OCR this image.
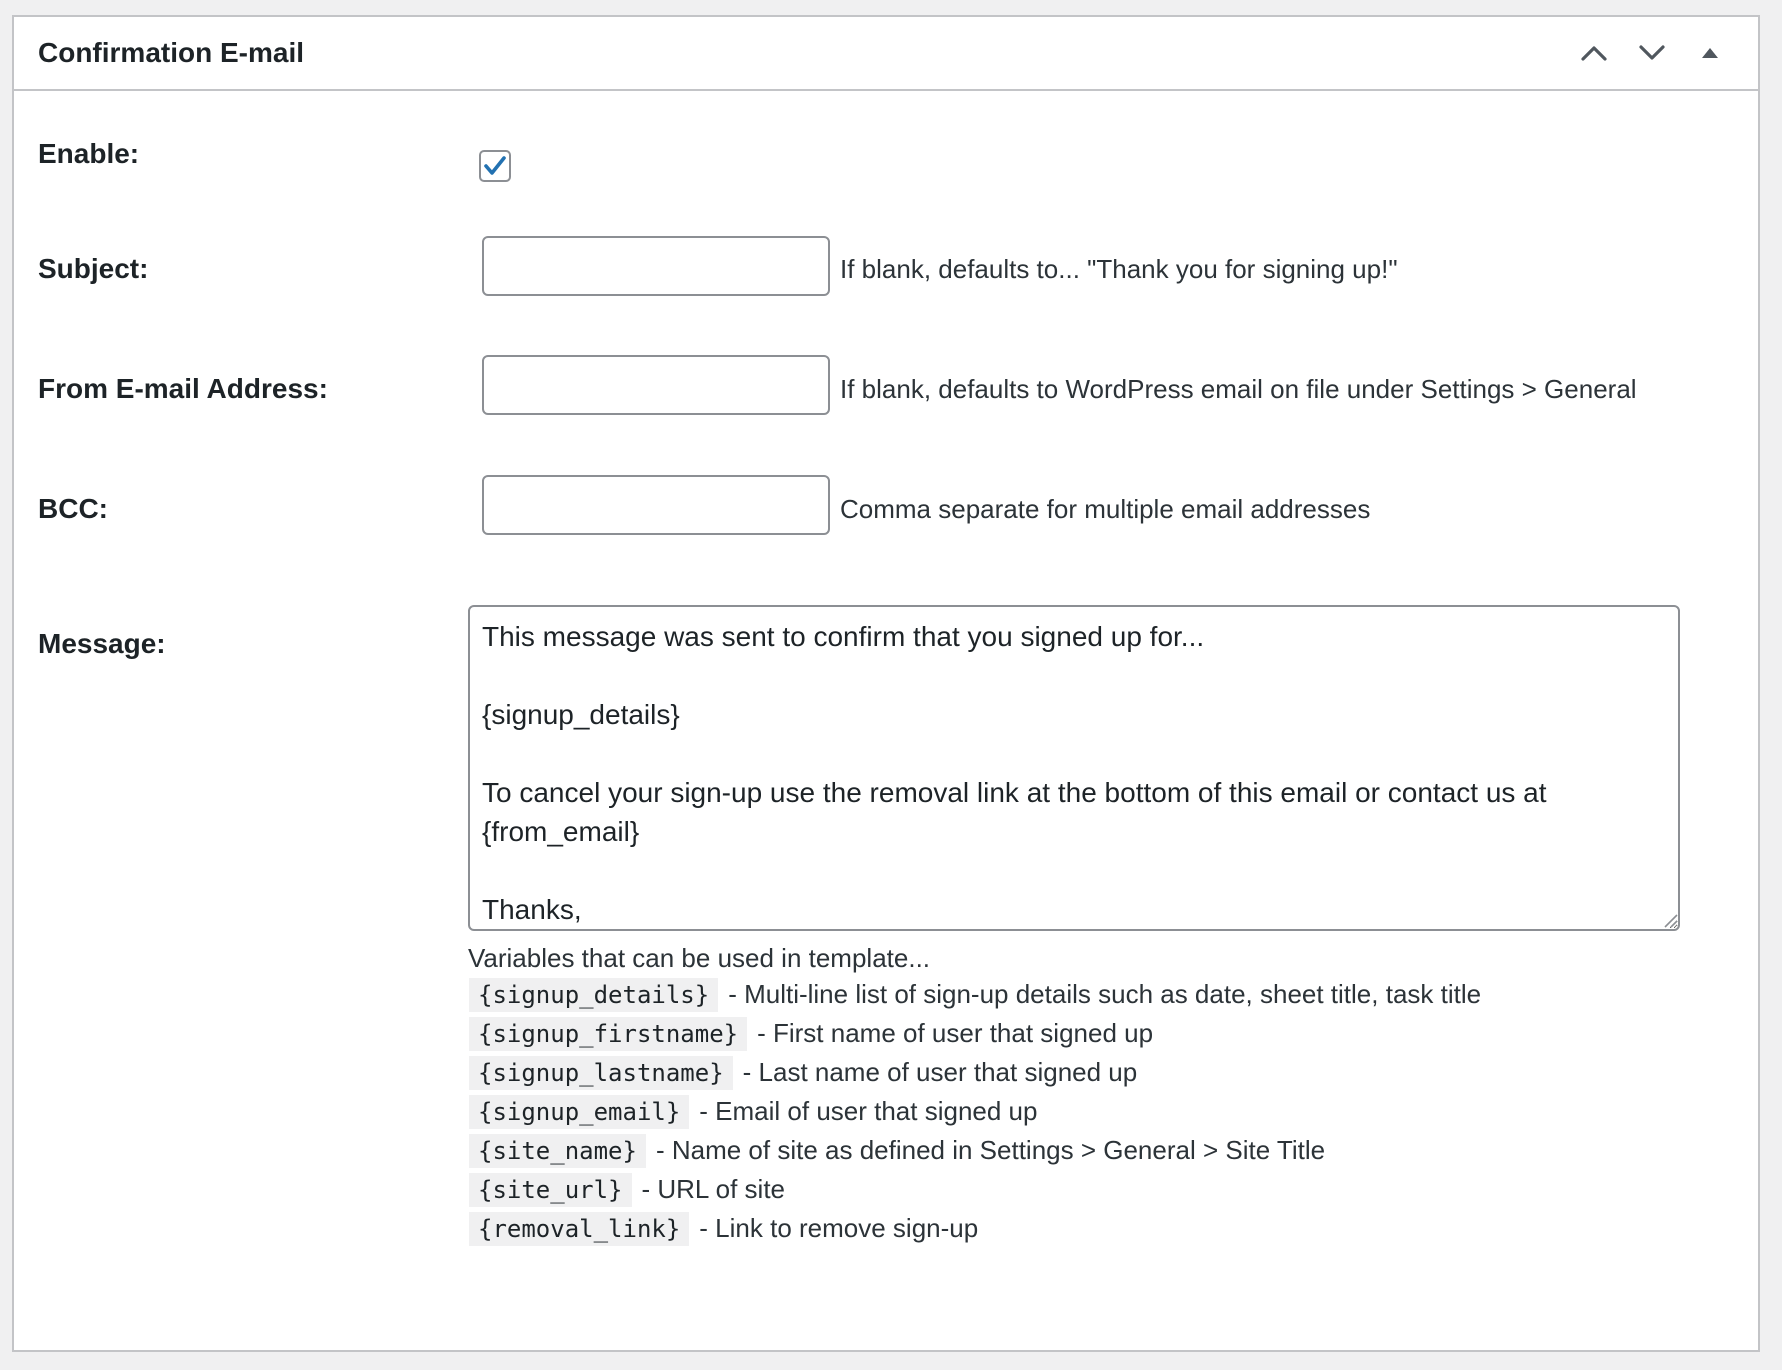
Confirmation E-mail
Enable:
Subject:	If blank, defaults to... "Thank you for signing up!"
From E-mail Address:	If blank, defaults to WordPress email on file under Settings > General
BCC:	Comma separate for multiple email addresses
Message:
This message was sent to confirm that you signed up for... {signup_details} To cancel your sign-up use the removal link at the bottom of this email or contact us at {from_email} Thanks,
Variables that can be used in template...
{signup_details} - Multi-line list of sign-up details such as date, sheet title, task title
{signup_firstname} - First name of user that signed up
{signup_lastname} - Last name of user that signed up
{signup_email} - Email of user that signed up
{site_name} - Name of site as defined in Settings > General > Site Title
{site_url} - URL of site
{removal_link} - Link to remove sign-up
